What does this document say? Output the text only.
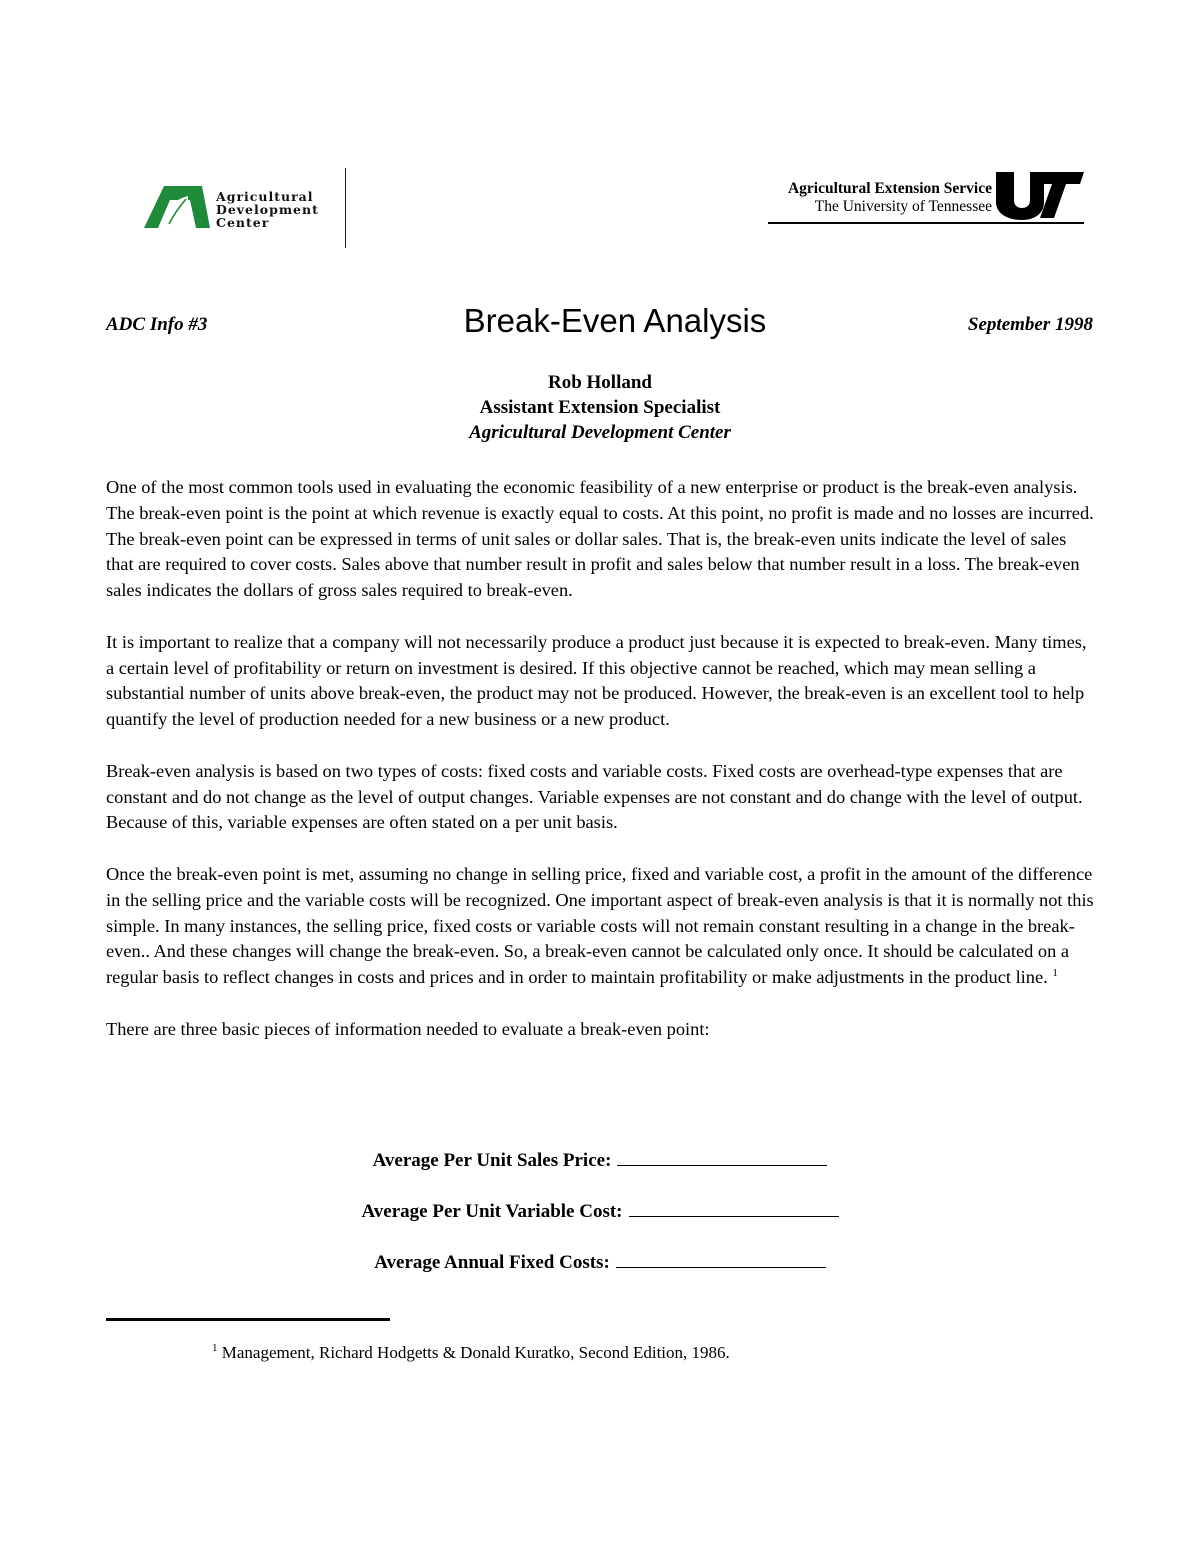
Agricultural
Development
Center
Agricultural Extension Service
The University of Tennessee
ADC Info #3	Break-Even Analysis	September 1998
Rob Holland
Assistant Extension Specialist
Agricultural Development Center

One of the most common tools used in evaluating the economic feasibility of a new enterprise or product is the break-even analysis. The break-even point is the point at which revenue is exactly equal to costs. At this point, no profit is made and no losses are incurred. The break-even point can be expressed in terms of unit sales or dollar sales. That is, the break-even units indicate the level of sales that are required to cover costs. Sales above that number result in profit and sales below that number result in a loss. The break-even sales indicates the dollars of gross sales required to break-even.

It is important to realize that a company will not necessarily produce a product just because it is expected to break-even. Many times, a certain level of profitability or return on investment is desired. If this objective cannot be reached, which may mean selling a substantial number of units above break-even, the product may not be produced. However, the break-even is an excellent tool to help quantify the level of production needed for a new business or a new product.

Break-even analysis is based on two types of costs: fixed costs and variable costs. Fixed costs are overhead-type expenses that are constant and do not change as the level of output changes. Variable expenses are not constant and do change with the level of output. Because of this, variable expenses are often stated on a per unit basis.

Once the break-even point is met, assuming no change in selling price, fixed and variable cost, a profit in the amount of the difference in the selling price and the variable costs will be recognized. One important aspect of break-even analysis is that it is normally not this simple. In many instances, the selling price, fixed costs or variable costs will not remain constant resulting in a change in the break-even.. And these changes will change the break-even. So, a break-even cannot be calculated only once. It should be calculated on a regular basis to reflect changes in costs and prices and in order to maintain profitability or make adjustments in the product line. $^1$

There are three basic pieces of information needed to evaluate a break-even point:

Average Per Unit Sales Price:
Average Per Unit Variable Cost:
Average Annual Fixed Costs:
$^1$ Management, Richard Hodgetts & Donald Kuratko, Second Edition, 1986.
